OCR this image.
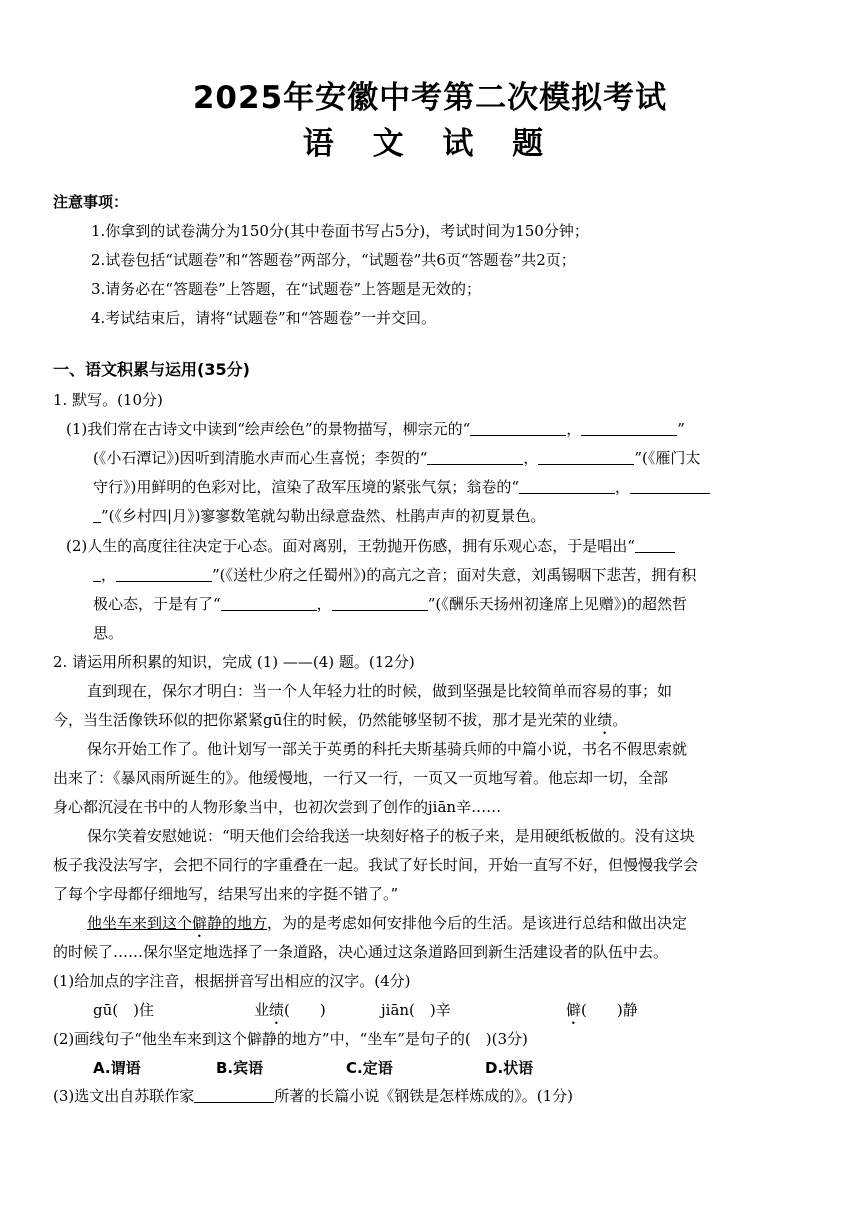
2025年安徽中考第二次模拟考试
语 文 试 题
注意事项：
1.你拿到的试卷满分为150分(其中卷面书写占5分)，考试时间为150分钟；
2.试卷包括“试题卷”和“答题卷”两部分，“试题卷”共6页“答题卷”共2页；
3.请务必在“答题卷”上答题，在“试题卷”上答题是无效的；
4.考试结束后，请将“试题卷”和“答题卷”一并交回。
一、语文积累与运用(35分)
1. 默写。(10分)
(1)我们常在古诗文中读到“绘声绘色”的景物描写，柳宗元的“	，	”
(《小石潭记》)因听到清脆水声而心生喜悦；李贺的“	，	”(《雁门太
守行》)用鲜明的色彩对比，渲染了敌军压境的紧张气氛；翁卷的“	，
”(《乡村四|月》)寥寥数笔就勾勒出绿意盎然、杜鹃声声的初夏景色。
(2)人生的高度往往决定于心态。面对离别，王勃抛开伤感，拥有乐观心态，于是唱出“
，	”(《送杜少府之任蜀州》)的高亢之音；面对失意，刘禹锡咽下悲苦，拥有积
极心态，于是有了“	，	”(《酬乐天扬州初逢席上见赠》)的超然哲
思。
2. 请运用所积累的知识，完成 (1) ——(4) 题。(12分)
直到现在，保尔才明白：当一个人年轻力壮的时候，做到坚强是比较简单而容易的事；如
今，当生活像铁环似的把你紧紧gū住的时候，仍然能够坚韧不拔，那才是光荣的业绩。
保尔开始工作了。他计划写一部关于英勇的科托夫斯基骑兵师的中篇小说，书名不假思索就
出来了：《暴风雨所诞生的》。他缓慢地，一行又一行，一页又一页地写着。他忘却一切，全部
身心都沉浸在书中的人物形象当中，也初次尝到了创作的jiān辛……
保尔笑着安慰她说：“明天他们会给我送一块刻好格子的板子来，是用硬纸板做的。没有这块
板子我没法写字，会把不同行的字重叠在一起。我试了好长时间，开始一直写不好，但慢慢我学会
了每个字母都仔细地写，结果写出来的字挺不错了。”
他坐车来到这个僻静的地方，为的是考虑如何安排他今后的生活。是该进行总结和做出决定
的时候了……保尔坚定地选择了一条道路，决心通过这条道路回到新生活建设者的队伍中去。
(1)给加点的字注音，根据拼音写出相应的汉字。(4分)
gū(　)住	业绩(　　)	jiān(　)辛	僻(　　)静
(2)画线句子“他坐车来到这个僻静的地方”中，“坐车”是句子的(　)(3分)
A.谓语	B.宾语	C.定语	D.状语
(3)选文出自苏联作家	所著的长篇小说《钢铁是怎样炼成的》。(1分)
